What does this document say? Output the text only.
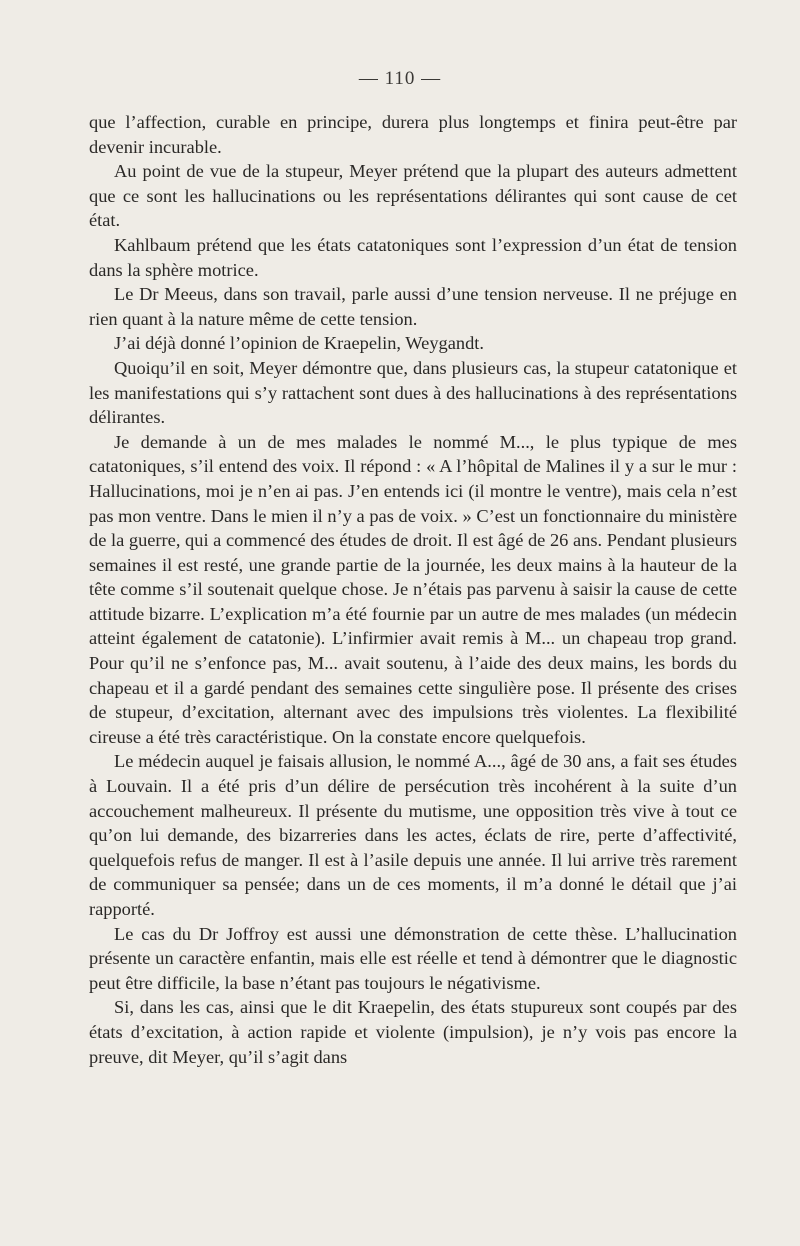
— 110 —

que l’affection, curable en principe, durera plus longtemps et finira peut-être par devenir incurable.

Au point de vue de la stupeur, Meyer prétend que la plupart des auteurs admettent que ce sont les hallucinations ou les représentations délirantes qui sont cause de cet état.

Kahlbaum prétend que les états catatoniques sont l’expression d’un état de tension dans la sphère motrice.

Le Dr Meeus, dans son travail, parle aussi d’une tension nerveuse. Il ne préjuge en rien quant à la nature même de cette tension.

J’ai déjà donné l’opinion de Kraepelin, Weygandt.

Quoiqu’il en soit, Meyer démontre que, dans plusieurs cas, la stupeur catatonique et les manifestations qui s’y rattachent sont dues à des hallucinations à des représentations délirantes.

Je demande à un de mes malades le nommé M..., le plus typique de mes catatoniques, s’il entend des voix. Il répond : « A l’hôpital de Malines il y a sur le mur : Hallucinations, moi je n’en ai pas. J’en entends ici (il montre le ventre), mais cela n’est pas mon ventre. Dans le mien il n’y a pas de voix. » C’est un fonctionnaire du ministère de la guerre, qui a commencé des études de droit. Il est âgé de 26 ans. Pendant plusieurs semaines il est resté, une grande partie de la journée, les deux mains à la hauteur de la tête comme s’il soutenait quelque chose. Je n’étais pas parvenu à saisir la cause de cette attitude bizarre. L’explication m’a été fournie par un autre de mes malades (un médecin atteint également de catatonie). L’infirmier avait remis à M... un chapeau trop grand. Pour qu’il ne s’enfonce pas, M... avait soutenu, à l’aide des deux mains, les bords du chapeau et il a gardé pendant des semaines cette singulière pose. Il présente des crises de stupeur, d’excitation, alternant avec des impulsions très violentes. La flexibilité cireuse a été très caractéristique. On la constate encore quelquefois.

Le médecin auquel je faisais allusion, le nommé A..., âgé de 30 ans, a fait ses études à Louvain. Il a été pris d’un délire de persécution très incohérent à la suite d’un accouchement malheureux. Il présente du mutisme, une opposition très vive à tout ce qu’on lui demande, des bizarreries dans les actes, éclats de rire, perte d’affectivité, quelquefois refus de manger. Il est à l’asile depuis une année. Il lui arrive très rarement de communiquer sa pensée; dans un de ces moments, il m’a donné le détail que j’ai rapporté.

Le cas du Dr Joffroy est aussi une démonstration de cette thèse. L’hallucination présente un caractère enfantin, mais elle est réelle et tend à démontrer que le diagnostic peut être difficile, la base n’étant pas toujours le négativisme.

Si, dans les cas, ainsi que le dit Kraepelin, des états stupureux sont coupés par des états d’excitation, à action rapide et violente (impulsion), je n’y vois pas encore la preuve, dit Meyer, qu’il s’agit dans
